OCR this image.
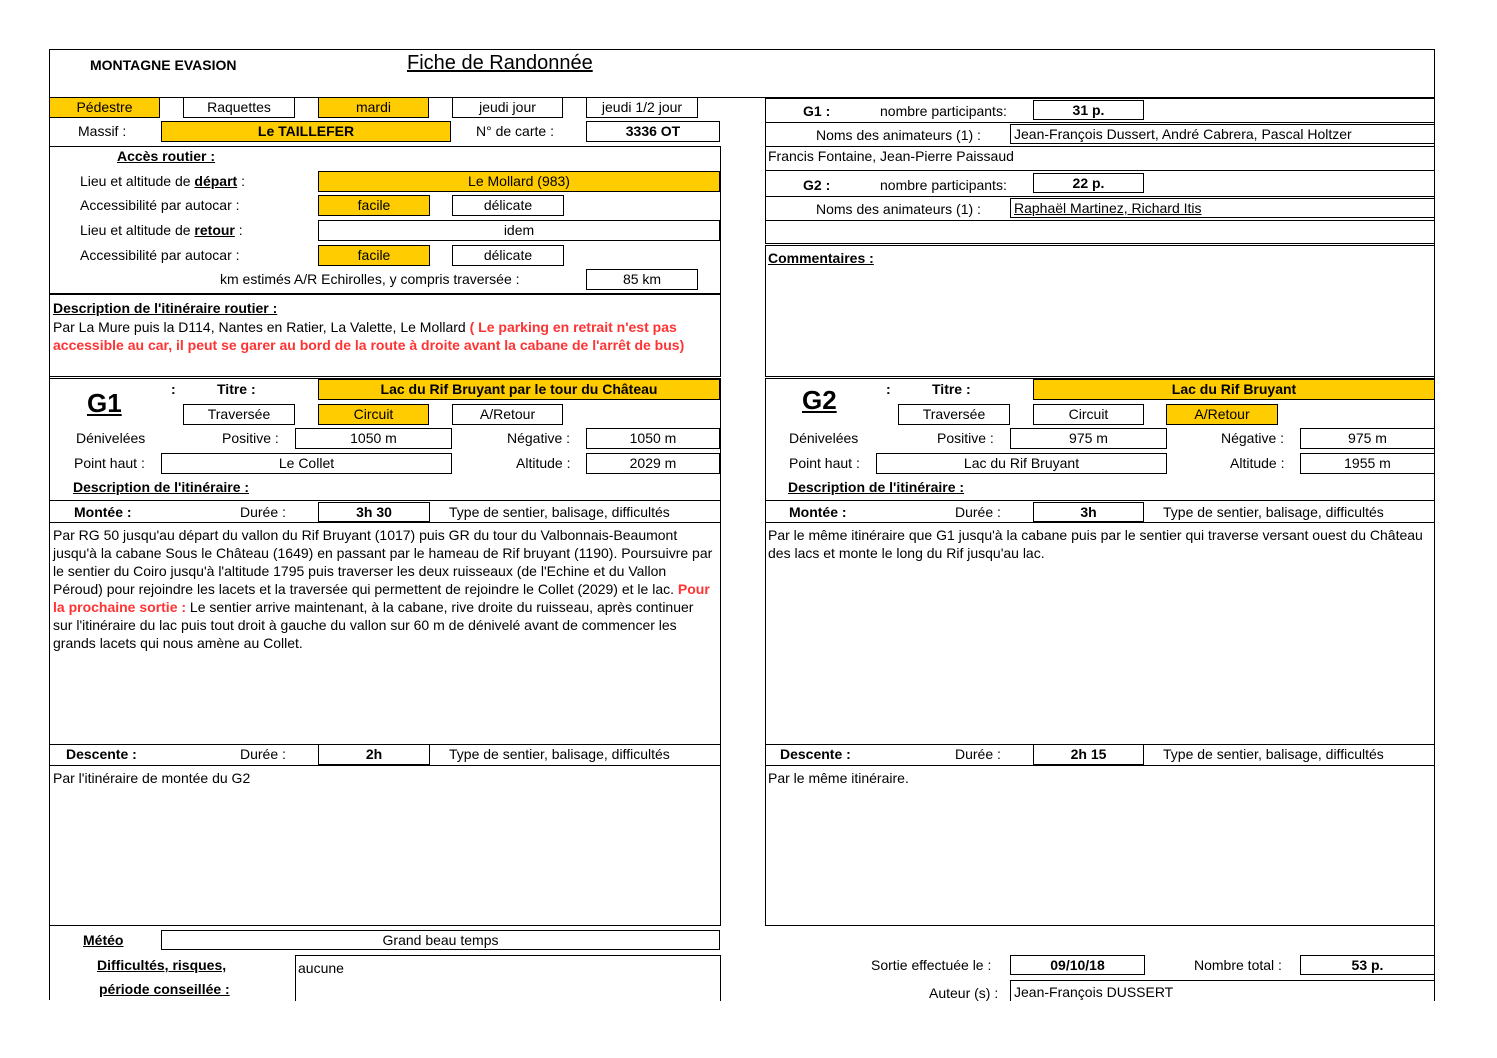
MONTAGNE EVASION	Fiche de Randonnée
Pédestre	Raquettes	mardi	jeudi jour	jeudi 1/2 jour
Massif :	Le TAILLEFER	N° de carte :	3336 OT
Accès routier :
Lieu et altitude de départ :	Le Mollard (983)
Accessibilité par autocar :	facile	délicate
Lieu et altitude de retour :	idem
Accessibilité par autocar :	facile	délicate
km estimés A/R Echirolles, y compris traversée :	85 km
Description de l'itinéraire routier :
Par La Mure puis la D114, Nantes en Ratier, La Valette, Le Mollard ( Le parking en retrait n'est pas accessible au car, il peut se garer au bord de la route à droite avant la cabane de l'arrêt de bus)
G1 :	nombre participants:	31 p.
Noms des animateurs (1) : Jean-François Dussert, André Cabrera, Pascal Holtzer
Francis Fontaine, Jean-Pierre Paissaud
G2 :	nombre participants:	22 p.
Noms des animateurs (1) : Raphaël Martinez, Richard Itis
Commentaires :
G1	:	Titre :	Lac du Rif Bruyant par le tour du Château
Traversée	Circuit	A/Retour
Dénivelées	Positive :	1050 m	Négative :	1050 m
Point haut :	Le Collet	Altitude :	2029 m
Description de l'itinéraire :
Montée :	Durée :	3h 30	Type de sentier, balisage, difficultés
Par RG 50 jusqu'au départ du vallon du Rif Bruyant (1017) puis GR du tour du Valbonnais-Beaumont jusqu'à la cabane Sous le Château (1649) en passant par le hameau de Rif bruyant (1190). Poursuivre par le sentier du Coiro jusqu'à l'altitude 1795 puis traverser les deux ruisseaux (de l'Echine et du Vallon Péroud) pour rejoindre les lacets et la traversée qui permettent de rejoindre le Collet (2029) et le lac. Pour la prochaine sortie : Le sentier arrive maintenant, à la cabane, rive droite du ruisseau, après continuer sur l'itinéraire du lac puis tout droit à gauche du vallon sur 60 m de dénivelé avant de commencer les grands lacets qui nous amène au Collet.
Descente :	Durée :	2h	Type de sentier, balisage, difficultés
Par l'itinéraire de montée du G2
G2	:	Titre :	Lac du Rif Bruyant
Traversée	Circuit	A/Retour
Dénivelées	Positive :	975 m	Négative :	975 m
Point haut :	Lac du Rif Bruyant	Altitude :	1955 m
Description de l'itinéraire :
Montée :	Durée :	3h	Type de sentier, balisage, difficultés
Par le même itinéraire que G1 jusqu'à la cabane puis par le sentier qui traverse versant ouest du Château des lacs et monte le long du Rif jusqu'au lac.
Descente :	Durée :	2h 15	Type de sentier, balisage, difficultés
Par le même itinéraire.
Météo	Grand beau temps
Difficultés, risques,
période conseillée :
aucune	Sortie effectuée le :	09/10/18	Nombre total :	53 p.
Auteur (s) : Jean-François DUSSERT
